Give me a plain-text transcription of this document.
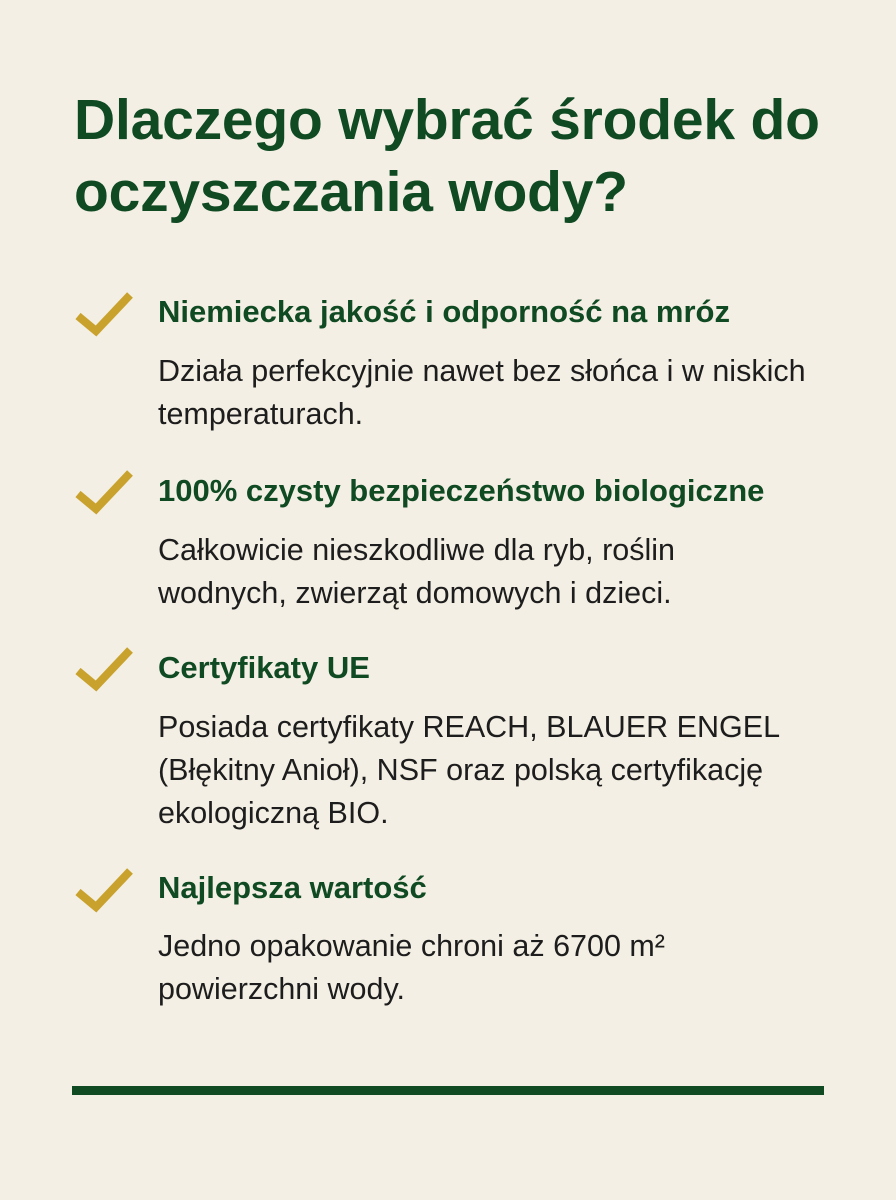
Dlaczego wybrać środek do oczyszczania wody?
Niemiecka jakość i odporność na mróz

Działa perfekcyjnie nawet bez słońca i w niskich temperaturach.

100% czysty bezpieczeństwo biologiczne

Całkowicie nieszkodliwe dla ryb, roślin wodnych, zwierząt domowych i dzieci.

Certyfikaty UE

Posiada certyfikaty REACH, BLAUER ENGEL (Błękitny Anioł), NSF oraz polską certyfikację ekologiczną BIO.

Najlepsza wartość

Jedno opakowanie chroni aż 6700 m² powierzchni wody.
